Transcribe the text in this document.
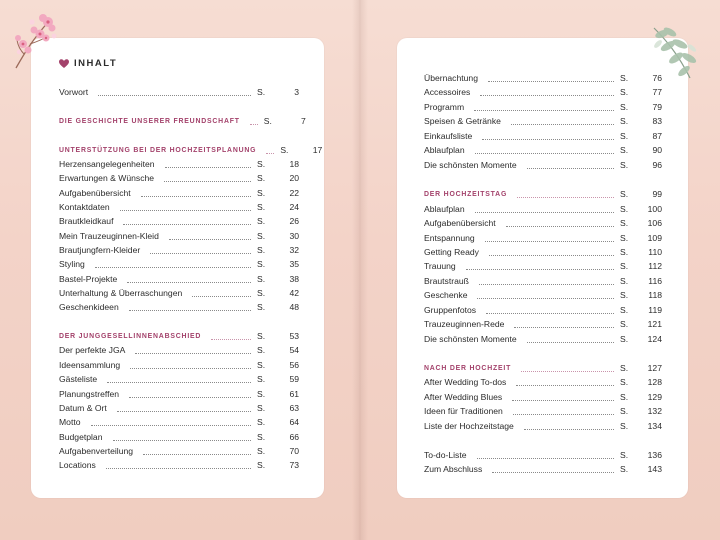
INHALT
Vorwort	S.	3
DIE GESCHICHTE UNSERER FREUNDSCHAFT	S.	7
UNTERSTÜTZUNG BEI DER HOCHZEITSPLANUNG	S.	17
Herzensangelegenheiten	S.	18
Erwartungen & Wünsche	S.	20
Aufgabenübersicht	S.	22
Kontaktdaten	S.	24
Brautkleidkauf	S.	26
Mein Trauzeuginnen-Kleid	S.	30
Brautjungfern-Kleider	S.	32
Styling	S.	35
Bastel-Projekte	S.	38
Unterhaltung & Überraschungen	S.	42
Geschenkideen	S.	48
DER JUNGGESELLINNENABSCHIED	S.	53
Der perfekte JGA	S.	54
Ideensammlung	S.	56
Gästeliste	S.	59
Planungstreffen	S.	61
Datum & Ort	S.	63
Motto	S.	64
Budgetplan	S.	66
Aufgabenverteilung	S.	70
Locations	S.	73
Übernachtung	S.	76
Accessoires	S.	77
Programm	S.	79
Speisen & Getränke	S.	83
Einkaufsliste	S.	87
Ablaufplan	S.	90
Die schönsten Momente	S.	96
DER HOCHZEITSTAG	S.	99
Ablaufplan	S. 100
Aufgabenübersicht	S. 106
Entspannung	S. 109
Getting Ready	S. 110
Trauung	S. 112
Brautstrauß	S. 116
Geschenke	S. 118
Gruppenfotos	S. 119
Trauzeuginnen-Rede	S. 121
Die schönsten Momente	S. 124
NACH DER HOCHZEIT	S. 127
After Wedding To-dos	S. 128
After Wedding Blues	S. 129
Ideen für Traditionen	S. 132
Liste der Hochzeitstage	S. 134
To-do-Liste	S. 136
Zum Abschluss	S. 143
